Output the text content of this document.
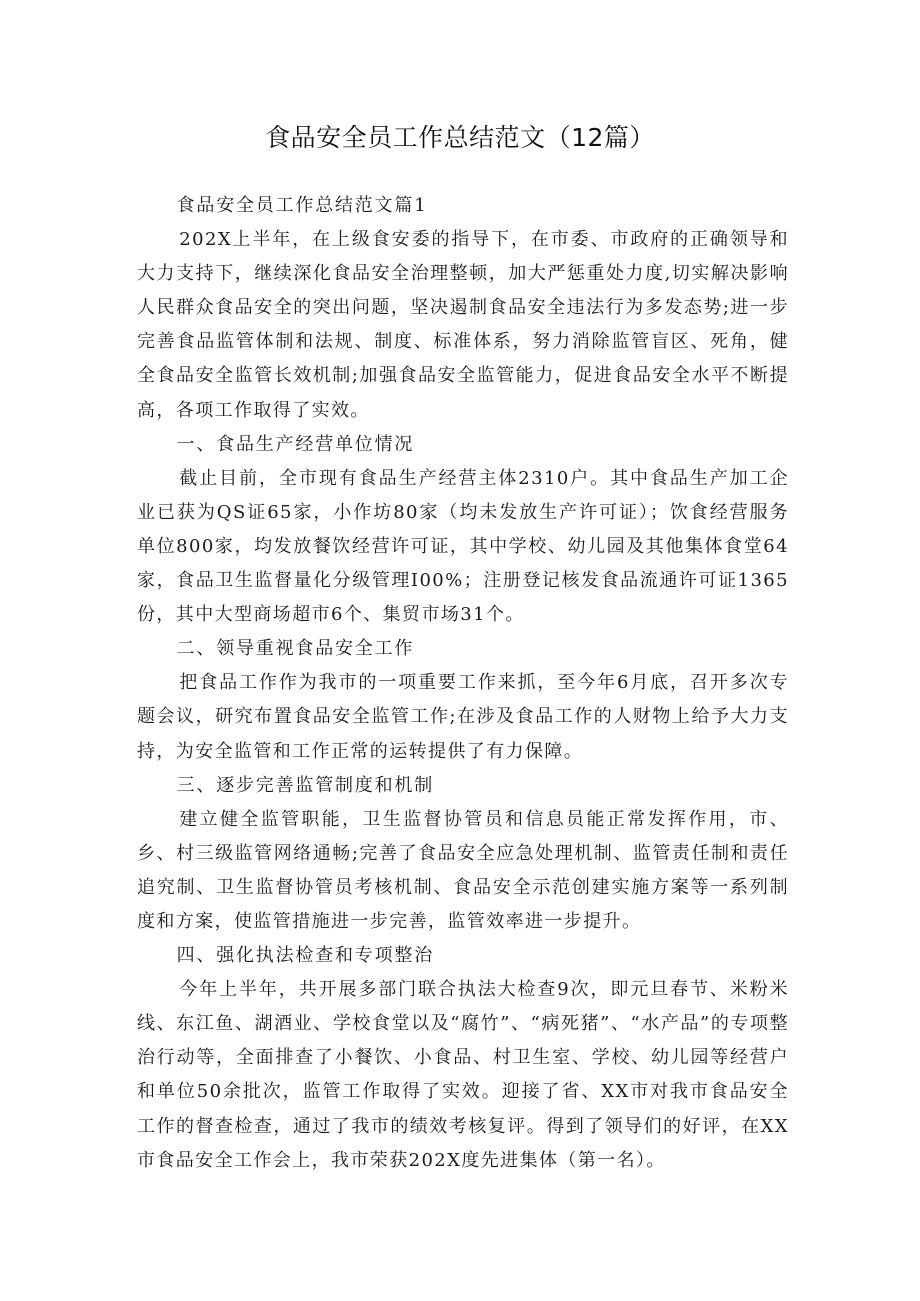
食品安全员工作总结范文（12篇）

食品安全员工作总结范文篇1

202X上半年，在上级食安委的指导下，在市委、市政府的正确领导和大力支持下，继续深化食品安全治理整顿，加大严惩重处力度,切实解决影响人民群众食品安全的突出问题，坚决遏制食品安全违法行为多发态势;进一步完善食品监管体制和法规、制度、标准体系，努力消除监管盲区、死角，健全食品安全监管长效机制;加强食品安全监管能力，促进食品安全水平不断提高，各项工作取得了实效。

一、食品生产经营单位情况

截止目前，全市现有食品生产经营主体2310户。其中食品生产加工企业已获为QS证65家，小作坊80家（均未发放生产许可证）；饮食经营服务单位800家，均发放餐饮经营许可证，其中学校、幼儿园及其他集体食堂64家，食品卫生监督量化分级管理I00%；注册登记核发食品流通许可证1365份，其中大型商场超市6个、集贸市场31个。

二、领导重视食品安全工作

把食品工作作为我市的一项重要工作来抓，至今年6月底，召开多次专题会议，研究布置食品安全监管工作;在涉及食品工作的人财物上给予大力支持，为安全监管和工作正常的运转提供了有力保障。

三、逐步完善监管制度和机制

建立健全监管职能，卫生监督协管员和信息员能正常发挥作用，市、乡、村三级监管网络通畅;完善了食品安全应急处理机制、监管责任制和责任追究制、卫生监督协管员考核机制、食品安全示范创建实施方案等一系列制度和方案，使监管措施进一步完善，监管效率进一步提升。

四、强化执法检查和专项整治

今年上半年，共开展多部门联合执法大检查9次，即元旦春节、米粉米线、东江鱼、湖酒业、学校食堂以及“腐竹”、“病死猪”、“水产品”的专项整治行动等，全面排查了小餐饮、小食品、村卫生室、学校、幼儿园等经营户和单位50余批次，监管工作取得了实效。迎接了省、XX市对我市食品安全工作的督查检查，通过了我市的绩效考核复评。得到了领导们的好评，在XX市食品安全工作会上，我市荣获202X度先进集体（第一名）。
